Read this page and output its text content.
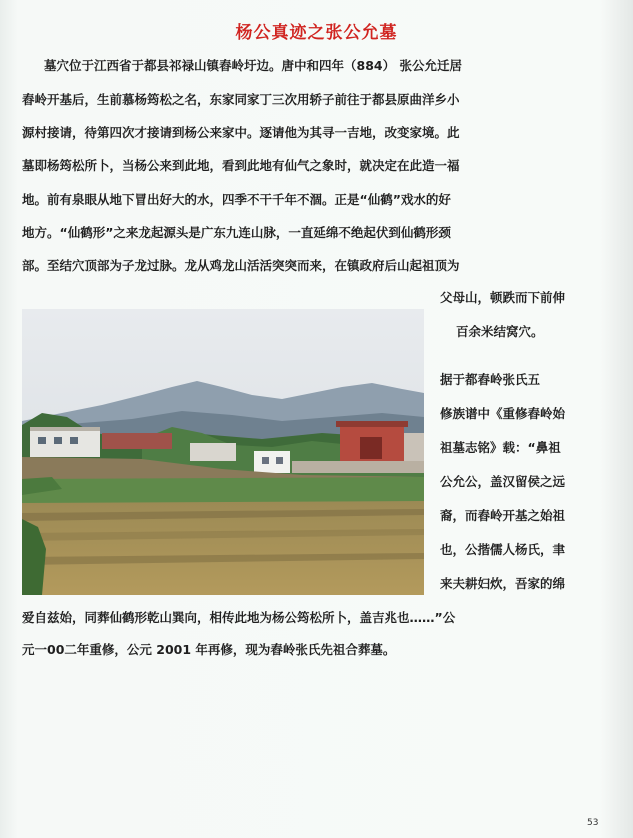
杨公真迹之张公允墓
墓穴位于江西省于都县祁禄山镇舂岭圩边。唐中和四年（884） 张公允迁居
舂岭开基后，生前慕杨筠松之名，东家同家丁三次用轿子前往于都县原曲洋乡小
源村接请，待第四次才接请到杨公来家中。逐请他为其寻一吉地，改变家境。此
墓即杨筠松所卜，当杨公来到此地，看到此地有仙气之象时，就决定在此造一福
地。前有泉眼从地下冒出好大的水，四季不干千年不涸。正是“仙鹤”戏水的好
地方。“仙鹤形”之来龙起源头是广东九连山脉，一直延绵不绝起伏到仙鹤形颈
部。至结穴顶部为子龙过脉。龙从鸡龙山活活突突而来，在镇政府后山起祖顶为
父母山，顿跌而下前伸
百余米结窝穴。
据于都舂岭张氏五
修族谱中《重修舂岭始
祖墓志铭》载：“鼻祖
公允公，盖汉留侯之远
裔，而舂岭开基之始祖
也，公揩儒人杨氏，聿
来夫耕妇炊，吾家的绵
爱自兹始，同葬仙鹤形乾山巽向，相传此地为杨公筠松所卜，盖吉兆也……”公
元一00二年重修，公元 2001 年再修，现为舂岭张氏先祖合葬墓。
53
